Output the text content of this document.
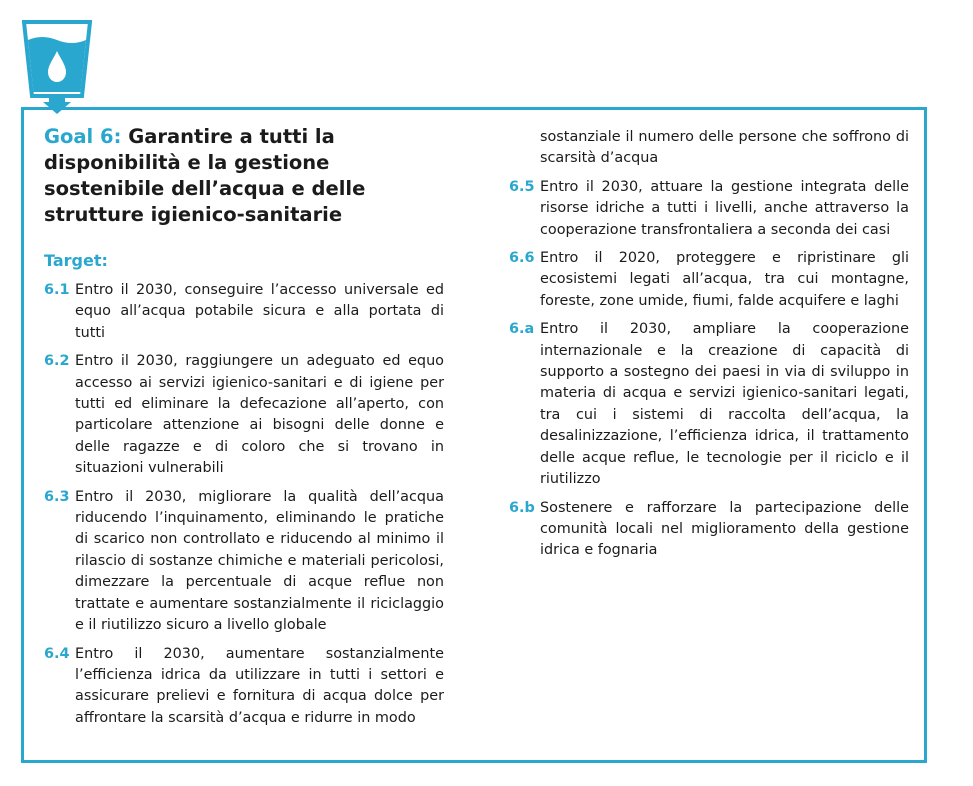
Goal 6: Garantire a tutti la disponibilità e la gestione sostenibile dell’acqua e delle strutture igienico-sanitarie
Target:
6.1 Entro il 2030, conseguire l’accesso universale ed equo all’acqua potabile sicura e alla portata di tutti
6.2 Entro il 2030, raggiungere un adeguato ed equo accesso ai servizi igienico-sanitari e di igiene per tutti ed eliminare la defecazione all’aperto, con particolare attenzione ai bisogni delle donne e delle ragazze e di coloro che si trovano in situazioni vulnerabili
6.3 Entro il 2030, migliorare la qualità dell’acqua riducendo l’inquinamento, eliminando le pratiche di scarico non controllato e riducendo al minimo il rilascio di sostanze chimiche e materiali pericolosi, dimezzare la percentuale di acque reflue non trattate e aumentare sostanzialmente il riciclaggio e il riutilizzo sicuro a livello globale
6.4 Entro il 2030, aumentare sostanzialmente l’efficienza idrica da utilizzare in tutti i settori e assicurare prelievi e fornitura di acqua dolce per affrontare la scarsità d’acqua e ridurre in modo
sostanziale il numero delle persone che soffrono di scarsità d’acqua
6.5 Entro il 2030, attuare la gestione integrata delle risorse idriche a tutti i livelli, anche attraverso la cooperazione transfrontaliera a seconda dei casi
6.6 Entro il 2020, proteggere e ripristinare gli ecosistemi legati all’acqua, tra cui montagne, foreste, zone umide, fiumi, falde acquifere e laghi
6.a Entro il 2030, ampliare la cooperazione internazionale e la creazione di capacità di supporto a sostegno dei paesi in via di sviluppo in materia di acqua e servizi igienico-sanitari legati, tra cui i sistemi di raccolta dell’acqua, la desalinizzazione, l’efficienza idrica, il trattamento delle acque reflue, le tecnologie per il riciclo e il riutilizzo
6.b Sostenere e rafforzare la partecipazione delle comunità locali nel miglioramento della gestione idrica e fognaria
